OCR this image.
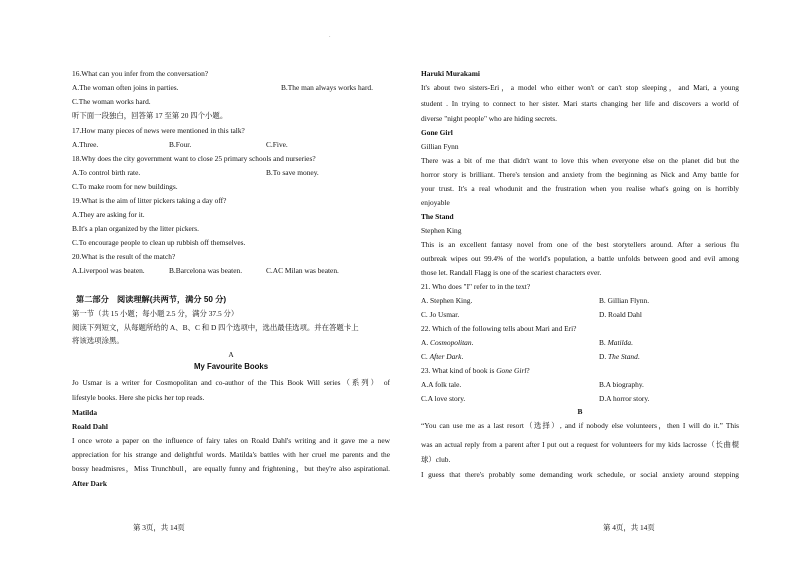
.
16.What can you infer from the conversation?
A.The woman often joins in parties.	B.The man always works hard.
C.The woman works hard.
听下面一段独白，回答第 17 至第 20 四个小题。
17.How many pieces of news were mentioned in this talk?
A.Three.	B.Four.	C.Five.
18.Why does the city government want to close 25 primary schools and nurseries?
A.To control birth rate.	B.To save money.
C.To make room for new buildings.
19.What is the aim of litter pickers taking a day off?
A.They are asking for it.
B.It's a plan organized by the litter pickers.
C.To encourage people to clean up rubbish off themselves.
20.What is the result of the match?
A.Liverpool was beaten.	B.Barcelona was beaten.	C.AC Milan was beaten.
第二部分　阅读理解(共两节，满分 50 分)
第一节（共 15 小题；每小题 2.5 分，满分 37.5 分）
阅读下列短文，从每题所给的 A、B、C 和 D 四个选项中，选出最佳选项。并在答题卡上
将该选项涂黑。
A
My Favourite Books
Jo Usmar is a writer for Cosmopolitan and co-author of the This Book Will series（系列） of
lifestyle books. Here she picks her top reads.
Matilda
Roald Dahl
I once wrote a paper on the influence of fairy tales on Roald Dahl's writing and it gave me a new
appreciation for his strange and delightful words. Matilda's battles with her cruel me parents and the
bossy headmisres，Miss Trunchbull，are equally funny and frightening，but they're also aspirational.
After Dark
第 3页，共 14页
Haruki Murakami
It's about two sisters-Eri，a model who either won't or can't stop sleeping，and Mari, a young
student . In trying to connect to her sister. Mari starts changing her life and discovers a world of
diverse "night people" who are hiding secrets.
Gone Girl
Gillian Fynn
There was a bit of me that didn't want to love this when everyone else on the planet did but the
horror story is brilliant. There's tension and anxiety from the beginning as Nick and Amy battle for
your trust. It's a real whodunit and the frustration when you realise what's going on is horribly
enjoyable
The Stand
Stephen King
This is an excellent fantasy novel from one of the best storytellers around. After a serious flu
outbreak wipes out 99.4% of the world's population, a battle unfolds between good and evil among
those let. Randall Flagg is one of the scariest characters ever.
21. Who does "I" refer to in the text?
A. Stephen King.	B. Gillian Flynn.
C. Jo Usmar.	D. Roald Dahl
22. Which of the following tells about Mari and Eri?
A. Cosmopolitan.	B. Matilda.
C. After Dark.	D. The Stand.
23. What kind of book is Gone Girl?
A.A folk tale.	B.A biography.
C.A love story.	D.A horror story.
B
“You can use me as a last resort（选择）, and if nobody else volunteers，then I will do it.” This
was an actual reply from a parent after I put out a request for volunteers for my kids lacrosse（长曲棍
球）club.
I guess that there's probably some demanding work schedule, or social anxiety around stepping
第 4页，共 14页
